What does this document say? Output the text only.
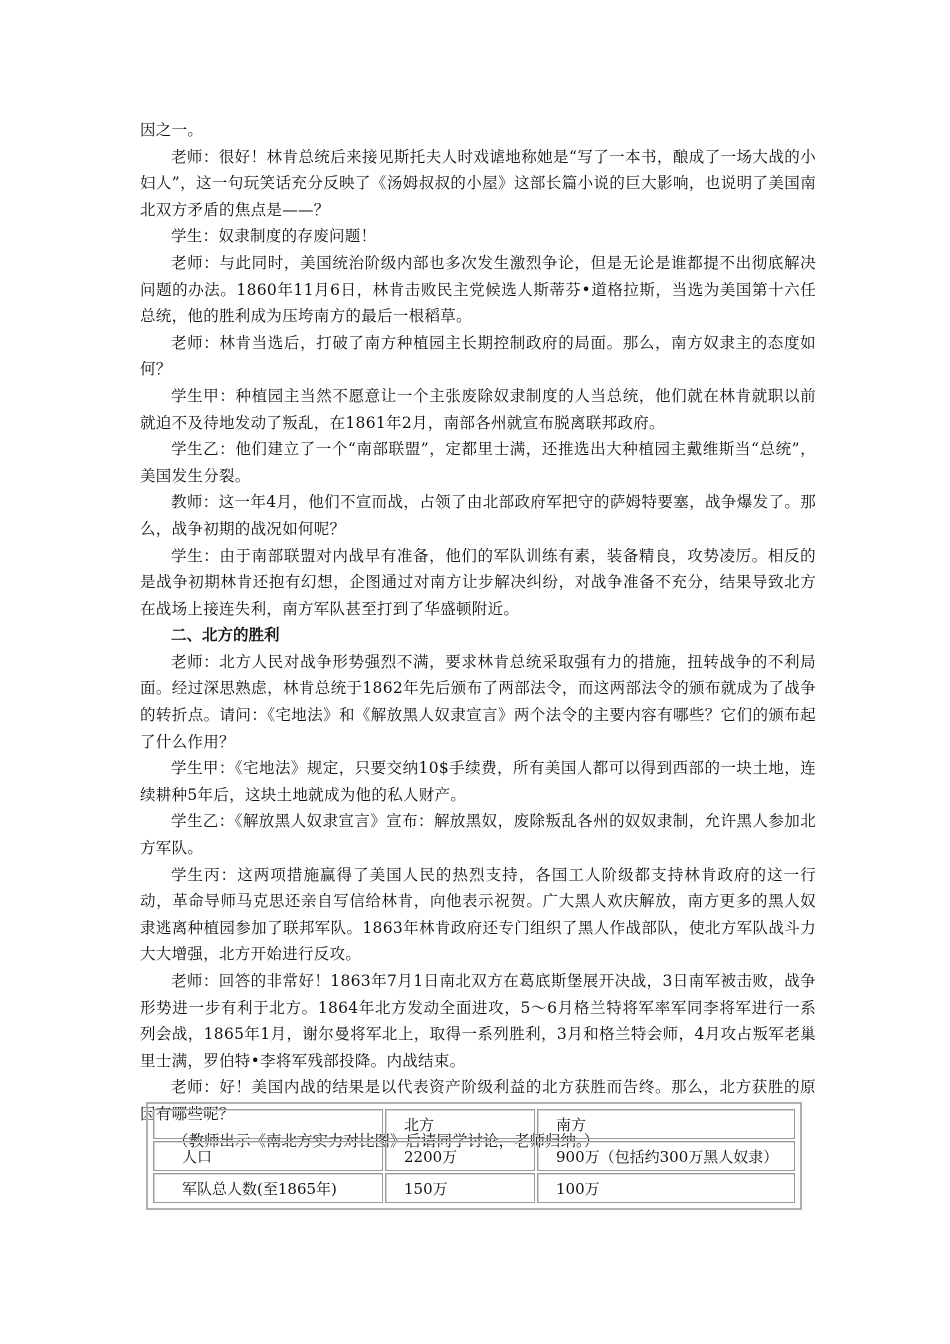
因之一。

老师：很好！林肯总统后来接见斯托夫人时戏谑地称她是“写了一本书，酿成了一场大战的小妇人”，这一句玩笑话充分反映了《汤姆叔叔的小屋》这部长篇小说的巨大影响，也说明了美国南北双方矛盾的焦点是——？

学生：奴隶制度的存废问题！

老师：与此同时，美国统治阶级内部也多次发生激烈争论，但是无论是谁都提不出彻底解决问题的办法。1860年11月6日，林肯击败民主党候选人斯蒂芬•道格拉斯，当选为美国第十六任总统，他的胜利成为压垮南方的最后一根稻草。

老师：林肯当选后，打破了南方种植园主长期控制政府的局面。那么，南方奴隶主的态度如何？

学生甲：种植园主当然不愿意让一个主张废除奴隶制度的人当总统，他们就在林肯就职以前就迫不及待地发动了叛乱，在1861年2月，南部各州就宣布脱离联邦政府。

学生乙：他们建立了一个“南部联盟”，定都里士满，还推选出大种植园主戴维斯当“总统”，美国发生分裂。

教师：这一年4月，他们不宣而战，占领了由北部政府军把守的萨姆特要塞，战争爆发了。那么，战争初期的战况如何呢？

学生：由于南部联盟对内战早有准备，他们的军队训练有素，装备精良，攻势凌厉。相反的是战争初期林肯还抱有幻想，企图通过对南方让步解决纠纷，对战争准备不充分，结果导致北方在战场上接连失利，南方军队甚至打到了华盛顿附近。

二、北方的胜利

老师：北方人民对战争形势强烈不满，要求林肯总统采取强有力的措施，扭转战争的不利局面。经过深思熟虑，林肯总统于1862年先后颁布了两部法令，而这两部法令的颁布就成为了战争的转折点。请问：《宅地法》和《解放黑人奴隶宣言》两个法令的主要内容有哪些？它们的颁布起了什么作用？

学生甲：《宅地法》规定，只要交纳10$手续费，所有美国人都可以得到西部的一块土地，连续耕种5年后，这块土地就成为他的私人财产。

学生乙：《解放黑人奴隶宣言》宣布：解放黑奴，废除叛乱各州的奴奴隶制，允许黑人参加北方军队。

学生丙：这两项措施赢得了美国人民的热烈支持，各国工人阶级都支持林肯政府的这一行动，革命导师马克思还亲自写信给林肯，向他表示祝贺。广大黑人欢庆解放，南方更多的黑人奴隶逃离种植园参加了联邦军队。1863年林肯政府还专门组织了黑人作战部队，使北方军队战斗力大大增强，北方开始进行反攻。

老师：回答的非常好！1863年7月1日南北双方在葛底斯堡展开决战，3日南军被击败，战争形势进一步有利于北方。1864年北方发动全面进攻，5～6月格兰特将军率军同李将军进行一系列会战，1865年1月，谢尔曼将军北上，取得一系列胜利，3月和格兰特会师，4月攻占叛军老巢里士满，罗伯特•李将军残部投降。内战结束。

老师：好！美国内战的结果是以代表资产阶级利益的北方获胜而告终。那么，北方获胜的原因有哪些呢？

（教师出示《南北方实力对比图》后请同学讨论，老师归纳。）

	北方	南方
人口	2200万	900万（包括约300万黑人奴隶）
军队总人数(至1865年)	150万	100万
